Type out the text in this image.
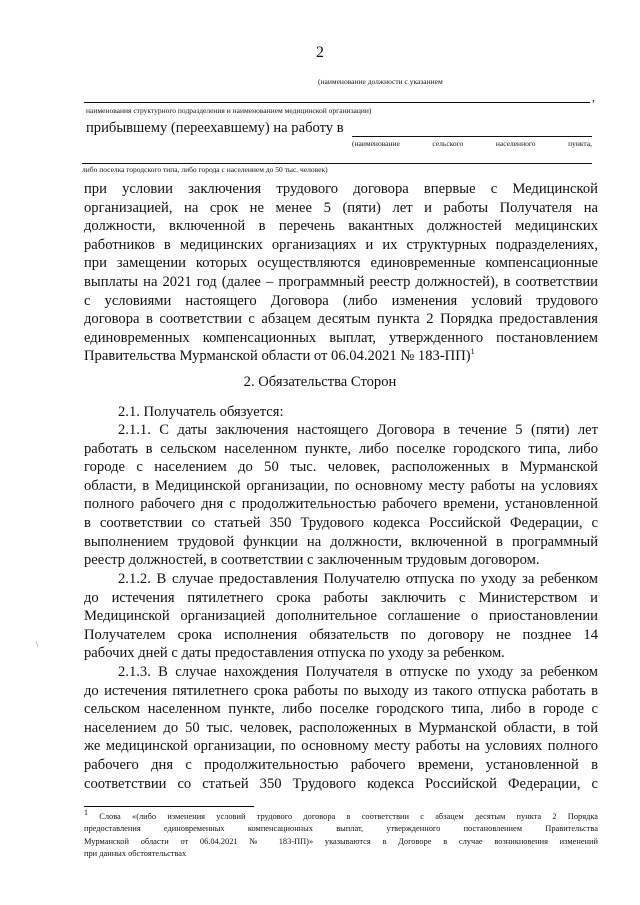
2
(наименование должности с указанием
,
наименования структурного подразделения и наименованием медицинской организации)
прибывшему (переехавшему) на работу в
(наименование	сельского	населенного	пункта,
либо поселка городского типа, либо города с населением до 50 тыс. человек)
при условии заключения трудового договора впервые с Медицинской
организацией, на срок не менее 5 (пяти) лет и работы Получателя на
должности, включенной в перечень вакантных должностей медицинских
работников в медицинских организациях и их структурных подразделениях,
при замещении которых осуществляются единовременные компенсационные
выплаты на 2021 год (далее – программный реестр должностей), в соответствии
с условиями настоящего Договора (либо изменения условий трудового
договора в соответствии с абзацем десятым пункта 2 Порядка предоставления
единовременных компенсационных выплат, утвержденного постановлением
Правительства Мурманской области от 06.04.2021 № 183-ПП)$^1$
2. Обязательства Сторон
2.1. Получатель обязуется:
2.1.1. С даты заключения настоящего Договора в течение 5 (пяти) лет
работать в сельском населенном пункте, либо поселке городского типа, либо
городе с населением до 50 тыс. человек, расположенных в Мурманской
области, в Медицинской организации, по основному месту работы на условиях
полного рабочего дня с продолжительностью рабочего времени, установленной
в соответствии со статьей 350 Трудового кодекса Российской Федерации, с
выполнением трудовой функции на должности, включенной в программный
реестр должностей, в соответствии с заключенным трудовым договором.
2.1.2. В случае предоставления Получателю отпуска по уходу за ребенком
до истечения пятилетнего срока работы заключить с Министерством и
Медицинской организацией дополнительное соглашение о приостановлении
Получателем срока исполнения обязательств по договору не позднее 14
рабочих дней с даты предоставления отпуска по уходу за ребенком.
\
2.1.3. В случае нахождения Получателя в отпуске по уходу за ребенком
до истечения пятилетнего срока работы по выходу из такого отпуска работать в
сельском населенном пункте, либо поселке городского типа, либо в городе с
населением до 50 тыс. человек, расположенных в Мурманской области, в той
же медицинской организации, по основному месту работы на условиях полного
рабочего дня с продолжительностью рабочего времени, установленной в
соответствии со статьей 350 Трудового кодекса Российской Федерации, с
$^1$ Слова «(либо изменения условий трудового договора в соответствии с абзацем десятым пункта 2 Порядка
предоставления единовременных компенсационных выплат, утвержденного постановлением Правительства
Мурманской области от 06.04.2021 № 183-ПП)» указываются в Договоре в случае возникновения изменений
при данных обстоятельствах
